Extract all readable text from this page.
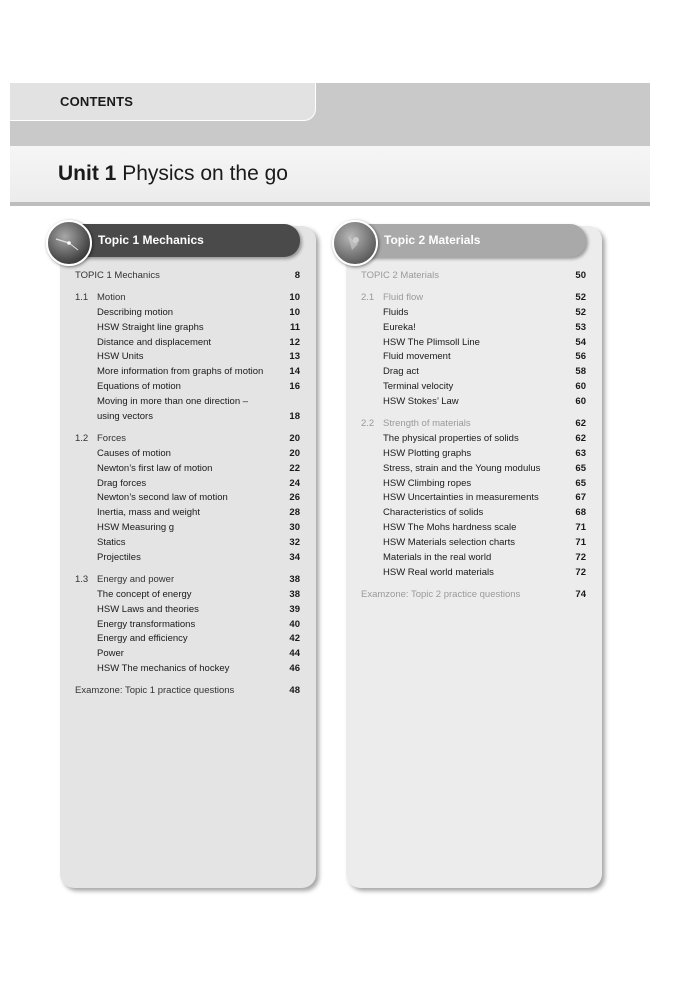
CONTENTS
Unit 1 Physics on the go
Topic 1 Mechanics	Topic 2 Materials
TOPIC 1 Mechanics	8
1.1 Motion	10
Describing motion	10
HSW Straight line graphs	11
Distance and displacement	12
HSW Units	13
More information from graphs of motion	14
Equations of motion	16
Moving in more than one direction –
using vectors	18
1.2 Forces	20
Causes of motion	20
Newton’s first law of motion	22
Drag forces	24
Newton’s second law of motion	26
Inertia, mass and weight	28
HSW Measuring g	30
Statics	32
Projectiles	34
1.3 Energy and power	38
The concept of energy	38
HSW Laws and theories	39
Energy transformations	40
Energy and efficiency	42
Power	44
HSW The mechanics of hockey	46
Examzone: Topic 1 practice questions	48
TOPIC 2 Materials	50
2.1 Fluid flow	52
Fluids	52
Eureka!	53
HSW The Plimsoll Line	54
Fluid movement	56
Drag act	58
Terminal velocity	60
HSW Stokes’ Law	60
2.2 Strength of materials	62
The physical properties of solids	62
HSW Plotting graphs	63
Stress, strain and the Young modulus	65
HSW Climbing ropes	65
HSW Uncertainties in measurements	67
Characteristics of solids	68
HSW The Mohs hardness scale	71
HSW Materials selection charts	71
Materials in the real world	72
HSW Real world materials	72
Examzone: Topic 2 practice questions	74
